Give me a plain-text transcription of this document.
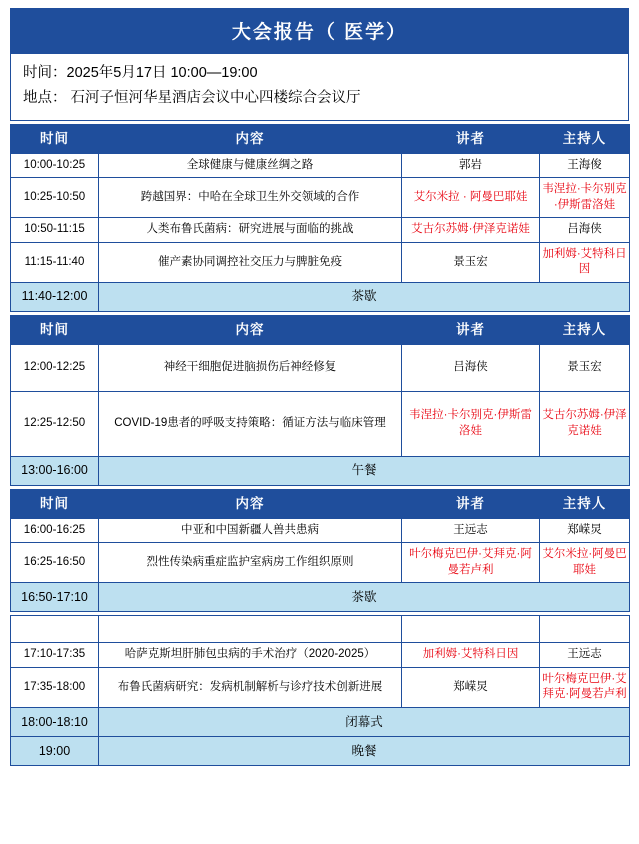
大会报告（ 医学）
时间：2025年5月17日 10:00—19:00
地点： 石河子恒河华星酒店会议中心四楼综合会议厅
时间	内容	讲者	主持人
10:00-10:25	全球健康与健康丝绸之路	郭岩	王海俊
10:25-10:50	跨越国界：中哈在全球卫生外交领域的合作	艾尔米拉 · 阿曼巴耶娃	韦涅拉·卡尔别克·伊斯雷洛娃
10:50-11:15	人类布鲁氏菌病：研究进展与面临的挑战	艾古尔苏姆·伊泽克诺娃	吕海侠
11:15-11:40	催产素协同调控社交压力与脾脏免疫	景玉宏	加利姆·艾特科日因
11:40-12:00	茶歇		
时间	内容	讲者	主持人
12:00-12:25	神经干细胞促进脑损伤后神经修复	吕海侠	景玉宏
12:25-12:50	COVID-19患者的呼吸支持策略：循证方法与临床管理	韦涅拉·卡尔别克·伊斯雷洛娃	艾古尔苏姆·伊泽克诺娃
13:00-16:00	午餐		
时间	内容	讲者	主持人
16:00-16:25	中亚和中国新疆人兽共患病	王远志	郑嵘炅
16:25-16:50	烈性传染病重症监护室病房工作组织原则	叶尔梅克巴伊·艾拜克·阿曼若卢利	艾尔米拉·阿曼巴耶娃
16:50-17:10	茶歇		

17:10-17:35	哈萨克斯坦肝肺包虫病的手术治疗（2020-2025）	加利姆·艾特科日因	王远志
17:35-18:00	布鲁氏菌病研究：发病机制解析与诊疗技术创新进展	郑嵘炅	叶尔梅克巴伊·艾拜克·阿曼若卢利
18:00-18:10	闭幕式		
19:00	晚餐		
